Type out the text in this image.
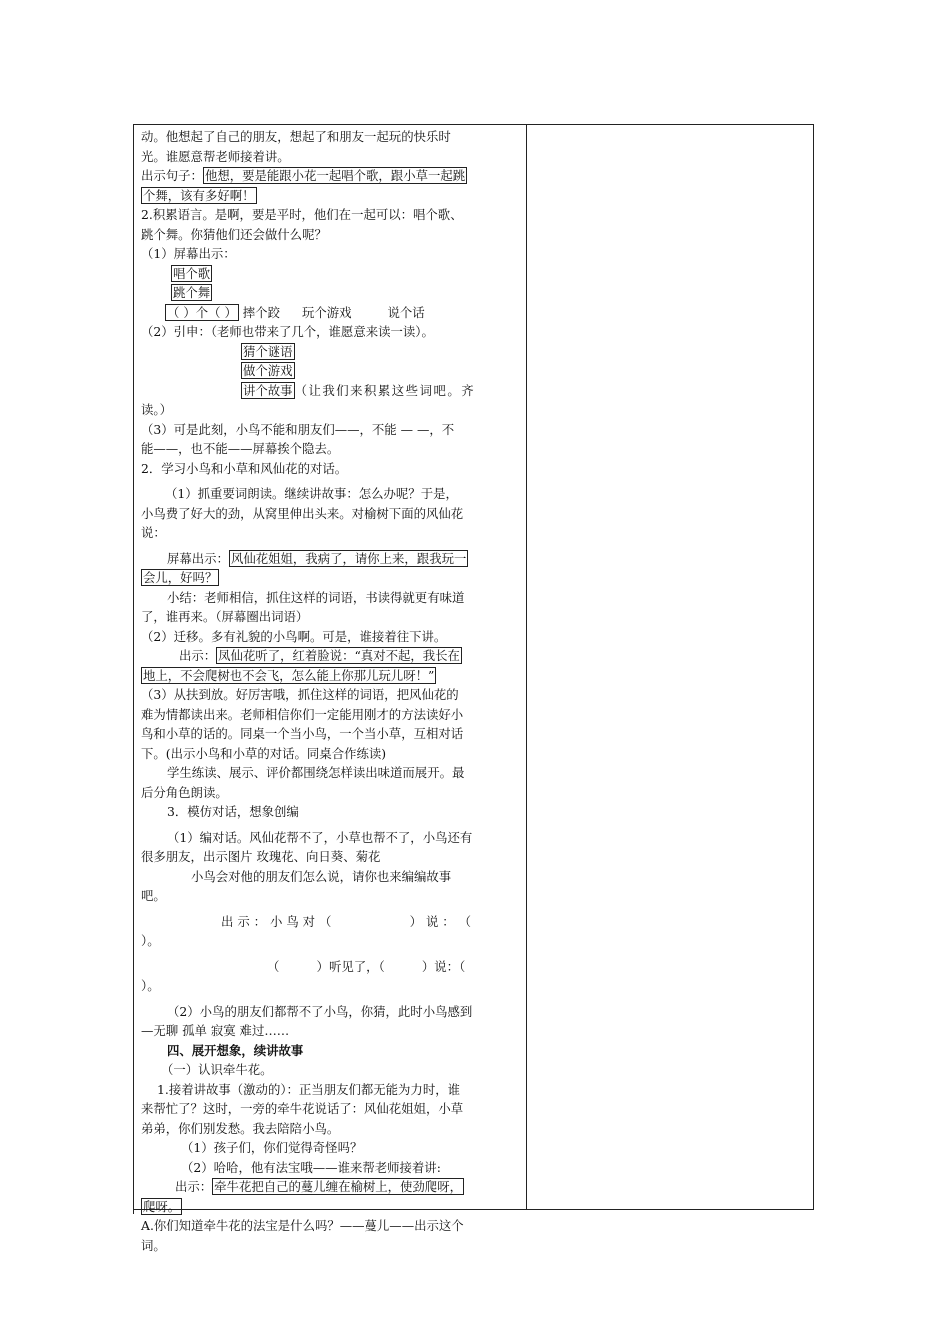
动。他想起了自己的朋友，想起了和朋友一起玩的快乐时
光。谁愿意帮老师接着讲。
出示句子： 他想，要是能跟小花一起唱个歌，跟小草一起跳
个舞，该有多好啊！
2.积累语言。是啊，要是平时，他们在一起可以：唱个歌、
跳个舞。你猜他们还会做什么呢？
（1）屏幕出示：
唱个歌
跳个舞
（ ）个（ ） 摔个跤 玩个游戏	说个话
（2）引申：（老师也带来了几个，谁愿意来读一读）。
猜个谜语
做个游戏
讲个故事 （让我们来积累这些词吧。齐
读。）
（3）可是此刻，小鸟不能和朋友们——，不能 — —，不
能——，也不能——屏幕挨个隐去。
2．学习小鸟和小草和风仙花的对话。
（1）抓重要词朗读。继续讲故事：怎么办呢？于是，
小鸟费了好大的劲，从窝里伸出头来。对榆树下面的风仙花
说：
屏幕出示： 风仙花姐姐，我病了，请你上来，跟我玩一
会儿，好吗？
小结：老师相信，抓住这样的词语，书读得就更有味道
了，谁再来。（屏幕圈出词语）
（2）迁移。多有礼貌的小鸟啊。可是，谁接着往下讲。
出示： 凤仙花听了，红着脸说：“真对不起，我长在
地上，不会爬树也不会飞，怎么能上你那儿玩儿呀！”
（3）从扶到放。好厉害哦，抓住这样的词语，把风仙花的
难为情都读出来。老师相信你们一定能用刚才的方法读好小
鸟和小草的话的。同桌一个当小鸟，一个当小草，互相对话
下。(出示小鸟和小草的对话。同桌合作练读)
学生练读、展示、评价都围绕怎样读出味道而展开。最
后分角色朗读。
3．模仿对话，想象创编
（1）编对话。风仙花帮不了，小草也帮不了，小鸟还有
很多朋友，出示图片 玫瑰花、向日葵、菊花
小鸟会对他的朋友们怎么说，请你也来编编故事
吧。
出 示 ： 小 鸟 对 （　　　　　　 ） 说 ： （
）。
（　　　）听见了，（　　　）说：（
）。
（2）小鸟的朋友们都帮不了小鸟，你猜，此时小鸟感到
—无聊 孤单 寂寞 难过……
四、展开想象，续讲故事
（一）认识牵牛花。
1.接着讲故事（激动的）：正当朋友们都无能为力时，谁
来帮忙了？这时，一旁的牵牛花说话了：风仙花姐姐，小草
弟弟，你们别发愁。我去陪陪小鸟。
（1）孩子们，你们觉得奇怪吗？
（2）哈哈，他有法宝哦——谁来帮老师接着讲:
出示： 牵牛花把自己的蔓儿缠在榆树上，使劲爬呀，
爬呀。
A.你们知道牵牛花的法宝是什么吗？——蔓儿——出示这个
词。
